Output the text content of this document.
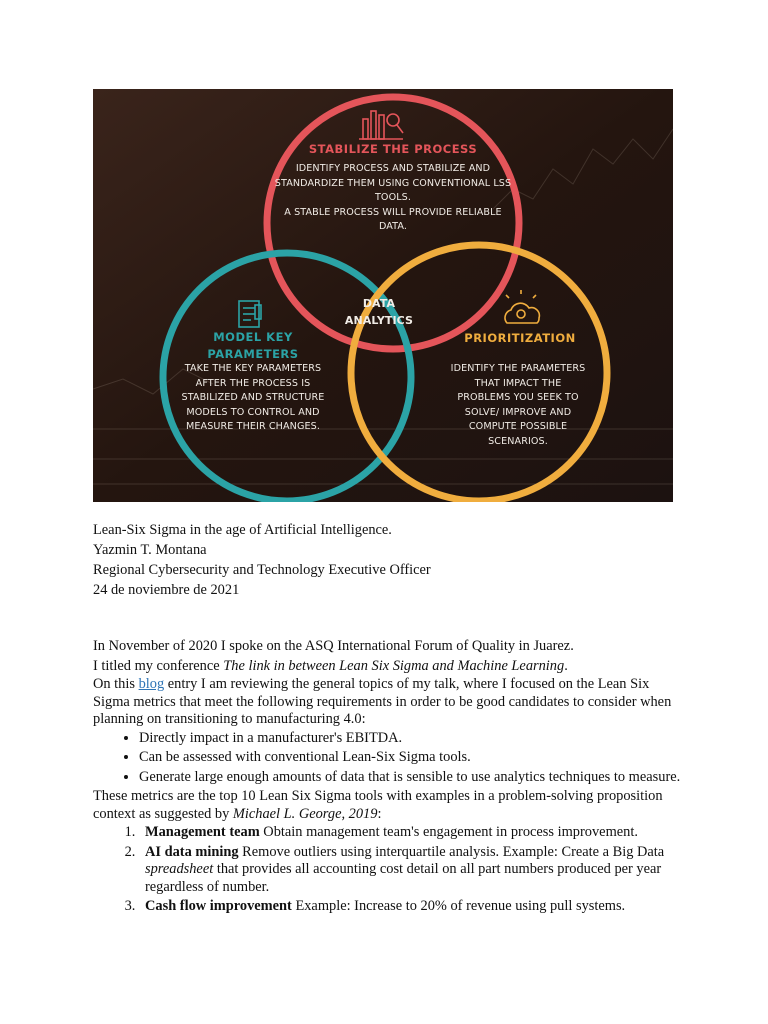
STABILIZE THE PROCESS
IDENTIFY PROCESS AND STABILIZE AND
STANDARDIZE THEM USING CONVENTIONAL LSS
TOOLS.
A STABLE PROCESS WILL PROVIDE RELIABLE
DATA.
DATA
ANALYTICS
MODEL KEY
PARAMETERS
TAKE THE KEY PARAMETERS
AFTER THE PROCESS IS
STABILIZED AND STRUCTURE
MODELS TO CONTROL AND
MEASURE THEIR CHANGES.
PRIORITIZATION
IDENTIFY THE PARAMETERS
THAT IMPACT THE
PROBLEMS YOU SEEK TO
SOLVE/ IMPROVE AND
COMPUTE POSSIBLE
SCENARIOS.

Lean-Six Sigma in the age of Artificial Intelligence.

Yazmin T. Montana

Regional Cybersecurity and Technology Executive Officer

24 de noviembre de 2021

In November of 2020 I spoke on the ASQ International Forum of Quality in Juarez.

I titled my conference The link in between Lean Six Sigma and Machine Learning.

On this blog entry I am reviewing the general topics of my talk, where I focused on the Lean Six Sigma metrics that meet the following requirements in order to be good candidates to consider when planning on transitioning to manufacturing 4.0:

• Directly impact in a manufacturer's EBITDA.
• Can be assessed with conventional Lean-Six Sigma tools.
• Generate large enough amounts of data that is sensible to use analytics techniques to measure.

These metrics are the top 10 Lean Six Sigma tools with examples in a problem-solving proposition context as suggested by Michael L. George, 2019:

1. Management team Obtain management team's engagement in process improvement.
2. AI data mining Remove outliers using interquartile analysis. Example: Create a Big Data spreadsheet that provides all accounting cost detail on all part numbers produced per year regardless of number.
3. Cash flow improvement Example: Increase to 20% of revenue using pull systems.
